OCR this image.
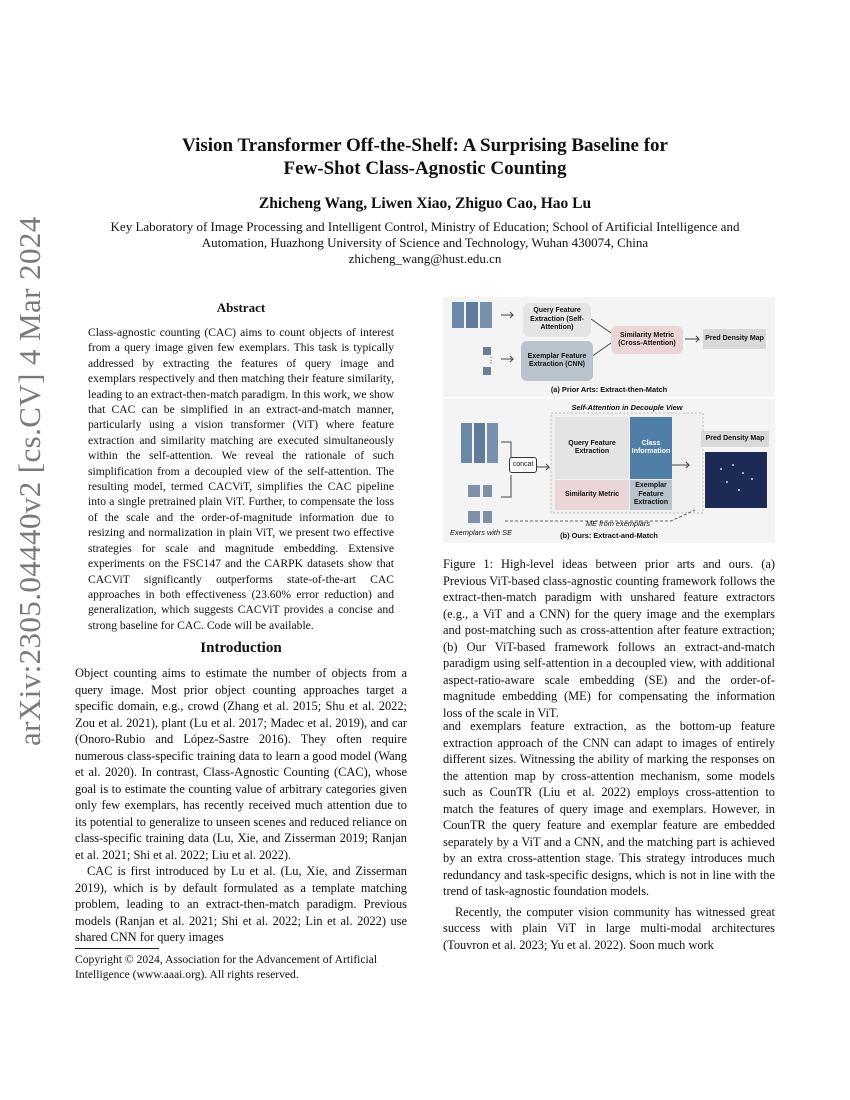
arXiv:2305.04440v2 [cs.CV] 4 Mar 2024
Vision Transformer Off-the-Shelf: A Surprising Baseline for
Few-Shot Class-Agnostic Counting
Zhicheng Wang, Liwen Xiao, Zhiguo Cao, Hao Lu
Key Laboratory of Image Processing and Intelligent Control, Ministry of Education; School of Artificial Intelligence and
Automation, Huazhong University of Science and Technology, Wuhan 430074, China
zhicheng_wang@hust.edu.cn
Abstract
Class-agnostic counting (CAC) aims to count objects of interest from a query image given few exemplars. This task is typically addressed by extracting the features of query image and exemplars respectively and then matching their feature similarity, leading to an extract-then-match paradigm. In this work, we show that CAC can be simplified in an extract-and-match manner, particularly using a vision transformer (ViT) where feature extraction and similarity matching are executed simultaneously within the self-attention. We reveal the rationale of such simplification from a decoupled view of the self-attention. The resulting model, termed CACViT, simplifies the CAC pipeline into a single pretrained plain ViT. Further, to compensate the loss of the scale and the order-of-magnitude information due to resizing and normalization in plain ViT, we present two effective strategies for scale and magnitude embedding. Extensive experiments on the FSC147 and the CARPK datasets show that CACViT significantly outperforms state-of-the-art CAC approaches in both effectiveness (23.60% error reduction) and generalization, which suggests CACViT provides a concise and strong baseline for CAC. Code will be available.
Introduction

Object counting aims to estimate the number of objects from a query image. Most prior object counting approaches target a specific domain, e.g., crowd (Zhang et al. 2015; Shu et al. 2022; Zou et al. 2021), plant (Lu et al. 2017; Madec et al. 2019), and car (Onoro-Rubio and López-Sastre 2016). They often require numerous class-specific training data to learn a good model (Wang et al. 2020). In contrast, Class-Agnostic Counting (CAC), whose goal is to estimate the counting value of arbitrary categories given only few exemplars, has recently received much attention due to its potential to generalize to unseen scenes and reduced reliance on class-specific training data (Lu, Xie, and Zisserman 2019; Ranjan et al. 2021; Shi et al. 2022; Liu et al. 2022).

CAC is first introduced by Lu et al. (Lu, Xie, and Zisserman 2019), which is by default formulated as a template matching problem, leading to an extract-then-match paradigm. Previous models (Ranjan et al. 2021; Shi et al. 2022; Lin et al. 2022) use shared CNN for query images

Copyright © 2024, Association for the Advancement of Artificial Intelligence (www.aaai.org). All rights reserved.
⋮
Query Feature Extraction (Self-Attention)
Exemplar Feature Extraction (CNN)
Similarity Metric (Cross-Attention)
Pred Density Map
(a) Prior Arts: Extract-then-Match
Self-Attention in Decouple View
concat
Query Feature Extraction
Class Information
Similarity Metric
Exemplar Feature Extraction
Pred Density Map
Exemplars with SE
ME from exemplars
(b) Ours: Extract-and-Match
Figure 1: High-level ideas between prior arts and ours. (a) Previous ViT-based class-agnostic counting framework follows the extract-then-match paradigm with unshared feature extractors (e.g., a ViT and a CNN) for the query image and the exemplars and post-matching such as cross-attention after feature extraction; (b) Our ViT-based framework follows an extract-and-match paradigm using self-attention in a decoupled view, with additional aspect-ratio-aware scale embedding (SE) and the order-of-magnitude embedding (ME) for compensating the information loss of the scale in ViT.

and exemplars feature extraction, as the bottom-up feature extraction approach of the CNN can adapt to images of entirely different sizes. Witnessing the ability of marking the responses on the attention map by cross-attention mechanism, some models such as CounTR (Liu et al. 2022) employs cross-attention to match the features of query image and exemplars. However, in CounTR the query feature and exemplar feature are embedded separately by a ViT and a CNN, and the matching part is achieved by an extra cross-attention stage. This strategy introduces much redundancy and task-specific designs, which is not in line with the trend of task-agnostic foundation models.

Recently, the computer vision community has witnessed great success with plain ViT in large multi-modal architectures (Touvron et al. 2023; Yu et al. 2022). Soon much work
